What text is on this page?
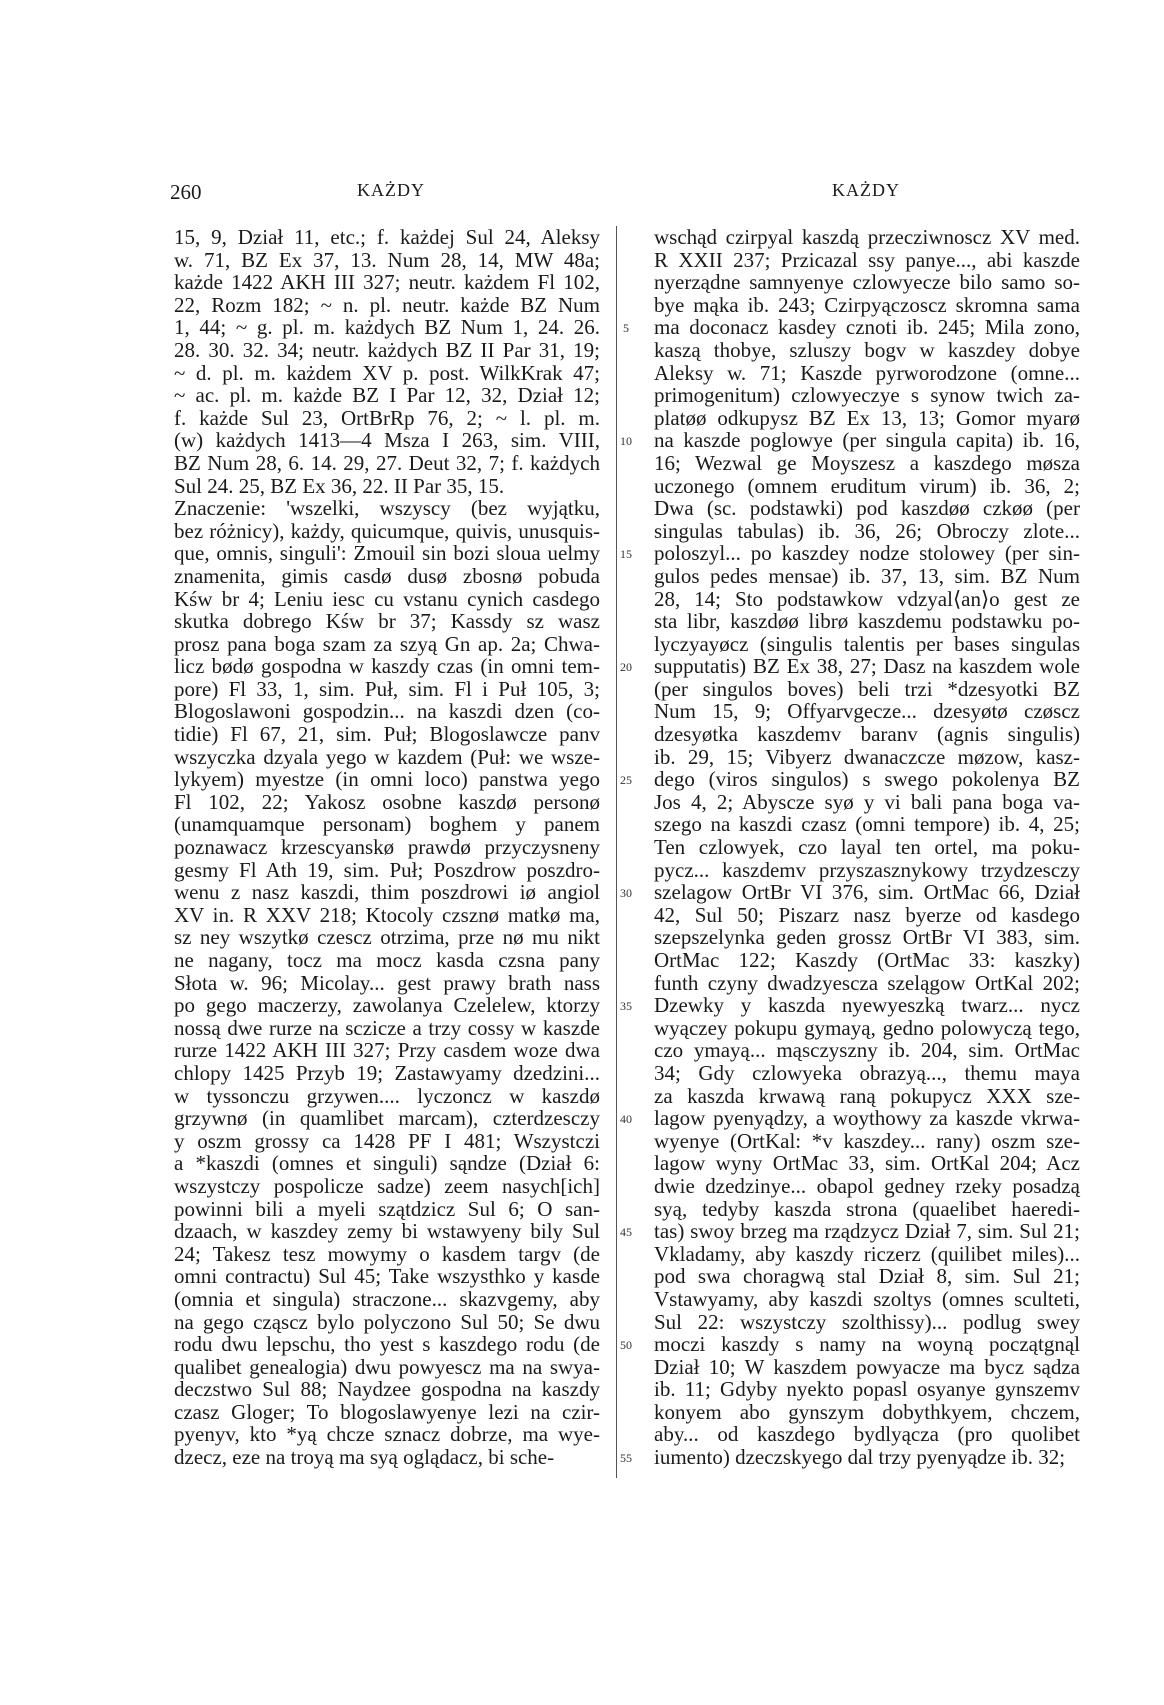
260	KAŻDY	KAŻDY
15, 9, Dział 11, etc.; f. każdej Sul 24, Aleksy
w. 71, BZ Ex 37, 13. Num 28, 14, MW 48a;
każde 1422 AKH III 327; neutr. każdem Fl 102,
22, Rozm 182; ~ n. pl. neutr. każde BZ Num
1, 44; ~ g. pl. m. każdych BZ Num 1, 24. 26.
28. 30. 32. 34; neutr. każdych BZ II Par 31, 19;
~ d. pl. m. każdem XV p. post. WilkKrak 47;
~ ac. pl. m. każde BZ I Par 12, 32, Dział 12;
f. każde Sul 23, OrtBrRp 76, 2; ~ l. pl. m.
(w) każdych 1413—4 Msza I 263, sim. VIII,
BZ Num 28, 6. 14. 29, 27. Deut 32, 7; f. każdych
Sul 24. 25, BZ Ex 36, 22. II Par 35, 15.
Znaczenie: 'wszelki, wszyscy (bez wyjątku,
bez różnicy), każdy, quicumque, quivis, unusquis-
que, omnis, singuli': Zmouil sin bozi sloua uelmy
znamenita, gimis casdø dusø zbosnø pobuda
Kśw br 4; Leniu iesc cu vstanu cynich casdego
skutka dobrego Kśw br 37; Kassdy sz wasz
prosz pana boga szam za szyą Gn ap. 2a; Chwa-
licz bødø gospodna w kaszdy czas (in omni tem-
pore) Fl 33, 1, sim. Puł, sim. Fl i Puł 105, 3;
Blogoslawoni gospodzin... na kaszdi dzen (co-
tidie) Fl 67, 21, sim. Puł; Blogoslawcze panv
wszyczka dzyala yego w kazdem (Puł: we wsze-
lykyem) myestze (in omni loco) panstwa yego
Fl 102, 22; Yakosz osobne kaszdø personø
(unamquamque personam) boghem y panem
poznawacz krzescyanskø prawdø przyczysneny
gesmy Fl Ath 19, sim. Puł; Poszdrow poszdro-
wenu z nasz kaszdi, thim poszdrowi iø angiol
XV in. R XXV 218; Ktocoly czsznø matkø ma,
sz ney wszytkø czescz otrzima, prze nø mu nikt
ne nagany, tocz ma mocz kasda czsna pany
Słota w. 96; Micolay... gest prawy brath nass
po gego maczerzy, zawolanya Czelelew, ktorzy
nossą dwe rurze na sczicze a trzy cossy w kaszde
rurze 1422 AKH III 327; Przy casdem woze dwa
chlopy 1425 Przyb 19; Zastawyamy dzedzini...
w tyssonczu grzywen.... lyczoncz w kaszdø
grzywnø (in quamlibet marcam), czterdzesczy
y oszm grossy ca 1428 PF I 481; Wszystczi
a *kaszdi (omnes et singuli) sąndze (Dział 6:
wszystczy pospolicze sadze) zeem nasych[ich]
powinni bili a myeli szątdzicz Sul 6; O san-
dzaach, w kaszdey zemy bi wstawyeny bily Sul
24; Takesz tesz mowymy o kasdem targv (de
omni contractu) Sul 45; Take wszysthko y kasde
(omnia et singula) straczone... skazvgemy, aby
na gego cząscz bylo polyczono Sul 50; Se dwu
rodu dwu lepschu, tho yest s kaszdego rodu (de
qualibet genealogia) dwu powyescz ma na swya-
deczstwo Sul 88; Naydzee gospodna na kaszdy
czasz Gloger; To blogoslawyenye lezi na czir-
pyenyv, kto *yą chcze sznacz dobrze, ma wye-
dzecz, eze na troyą ma syą oglądacz, bi sche-
5
10
15
20
25
30
35
40
45
50
55
wschąd czirpyal kaszdą przecziwnoscz XV med.
R XXII 237; Przicazal ssy panye..., abi kaszde
nyerządne samnyenye czlowyecze bilo samo so-
bye mąka ib. 243; Czirpyączoscz skromna sama
ma doconacz kasdey cznoti ib. 245; Mila zono,
kaszą thobye, szluszy bogv w kaszdey dobye
Aleksy w. 71; Kaszde pyrworodzone (omne...
primogenitum) czlowyeczye s synow twich za-
platøø odkupysz BZ Ex 13, 13; Gomor myarø
na kaszde poglowye (per singula capita) ib. 16,
16; Wezwal ge Moyszesz a kaszdego møsza
uczonego (omnem eruditum virum) ib. 36, 2;
Dwa (sc. podstawki) pod kaszdøø czkøø (per
singulas tabulas) ib. 36, 26; Obroczy zlote...
poloszyl... po kaszdey nodze stolowey (per sin-
gulos pedes mensae) ib. 37, 13, sim. BZ Num
28, 14; Sto podstawkow vdzyal⟨an⟩o gest ze
sta libr, kaszdøø librø kaszdemu podstawku po-
lyczyayøcz (singulis talentis per bases singulas
supputatis) BZ Ex 38, 27; Dasz na kaszdem wole
(per singulos boves) beli trzi *dzesyotki BZ
Num 15, 9; Offyarvgecze... dzesyøtø czøscz
dzesyøtka kaszdemv baranv (agnis singulis)
ib. 29, 15; Vibyerz dwanaczcze møzow, kasz-
dego (viros singulos) s swego pokolenya BZ
Jos 4, 2; Abyscze syø y vi bali pana boga va-
szego na kaszdi czasz (omni tempore) ib. 4, 25;
Ten czlowyek, czo layal ten ortel, ma poku-
pycz... kaszdemv przyszasznykowy trzydzesczy
szelagow OrtBr VI 376, sim. OrtMac 66, Dział
42, Sul 50; Piszarz nasz byerze od kasdego
szepszelynka geden grossz OrtBr VI 383, sim.
OrtMac 122; Kaszdy (OrtMac 33: kaszky)
funth czyny dwadzyescza szelągow OrtKal 202;
Dzewky y kaszda nyewyeszką twarz... nycz
wyączey pokupu gymayą, gedno polowyczą tego,
czo ymayą... mąsczyszny ib. 204, sim. OrtMac
34; Gdy czlowyeka obrazyą..., themu maya
za kaszda krwawą raną pokupycz XXX sze-
lagow pyenyądzy, a woythowy za kaszde vkrwa-
wyenye (OrtKal: *v kaszdey... rany) oszm sze-
lagow wyny OrtMac 33, sim. OrtKal 204; Acz
dwie dzedzinye... obapol gedney rzeky posadzą
syą, tedyby kaszda strona (quaelibet haeredi-
tas) swoy brzeg ma rządzycz Dział 7, sim. Sul 21;
Vkladamy, aby kaszdy riczerz (quilibet miles)...
pod swa choragwą stal Dział 8, sim. Sul 21;
Vstawyamy, aby kaszdi szoltys (omnes sculteti,
Sul 22: wszystczy szolthissy)... podlug swey
moczi kaszdy s namy na woyną początgnąl
Dział 10; W kaszdem powyacze ma bycz sądza
ib. 11; Gdyby nyekto popasl osyanye gynszemv
konyem abo gynszym dobythkyem, chczem,
aby... od kaszdego bydlyącza (pro quolibet
iumento) dzeczskyego dal trzy pyenyądze ib. 32;
